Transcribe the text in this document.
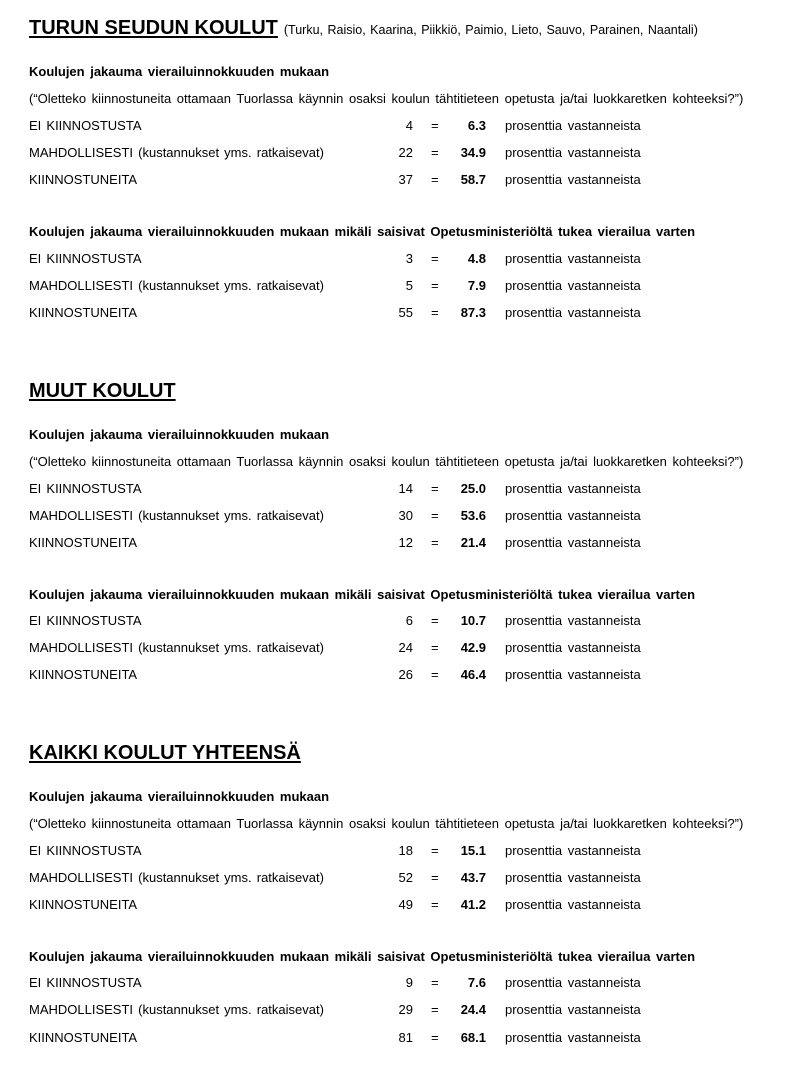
TURUN SEUDUN KOULUT (Turku, Raisio, Kaarina, Piikkiö, Paimio, Lieto, Sauvo, Parainen, Naantali)
Koulujen jakauma vierailuinnokkuuden mukaan
(“Oletteko kiinnostuneita ottamaan Tuorlassa käynnin osaksi koulun tähtitieteen opetusta ja/tai luokkaretken kohteeksi?”)
EI KIINNOSTUSTA	4 =	6.3 prosenttia vastanneista
MAHDOLLISESTI (kustannukset yms. ratkaisevat)	22 =	34.9 prosenttia vastanneista
KIINNOSTUNEITA	37 =	58.7 prosenttia vastanneista
Koulujen jakauma vierailuinnokkuuden mukaan mikäli saisivat Opetusministeriöltä tukea vierailua varten
EI KIINNOSTUSTA	3 =	4.8 prosenttia vastanneista
MAHDOLLISESTI (kustannukset yms. ratkaisevat)	5 =	7.9 prosenttia vastanneista
KIINNOSTUNEITA	55 =	87.3 prosenttia vastanneista
MUUT KOULUT
Koulujen jakauma vierailuinnokkuuden mukaan
(“Oletteko kiinnostuneita ottamaan Tuorlassa käynnin osaksi koulun tähtitieteen opetusta ja/tai luokkaretken kohteeksi?”)
EI KIINNOSTUSTA	14 =	25.0 prosenttia vastanneista
MAHDOLLISESTI (kustannukset yms. ratkaisevat)	30 =	53.6 prosenttia vastanneista
KIINNOSTUNEITA	12 =	21.4 prosenttia vastanneista
Koulujen jakauma vierailuinnokkuuden mukaan mikäli saisivat Opetusministeriöltä tukea vierailua varten
EI KIINNOSTUSTA	6 =	10.7 prosenttia vastanneista
MAHDOLLISESTI (kustannukset yms. ratkaisevat)	24 =	42.9 prosenttia vastanneista
KIINNOSTUNEITA	26 =	46.4 prosenttia vastanneista
KAIKKI KOULUT YHTEENSÄ
Koulujen jakauma vierailuinnokkuuden mukaan
(“Oletteko kiinnostuneita ottamaan Tuorlassa käynnin osaksi koulun tähtitieteen opetusta ja/tai luokkaretken kohteeksi?”)
EI KIINNOSTUSTA	18 =	15.1 prosenttia vastanneista
MAHDOLLISESTI (kustannukset yms. ratkaisevat)	52 =	43.7 prosenttia vastanneista
KIINNOSTUNEITA	49 =	41.2 prosenttia vastanneista
Koulujen jakauma vierailuinnokkuuden mukaan mikäli saisivat Opetusministeriöltä tukea vierailua varten
EI KIINNOSTUSTA	9 =	7.6 prosenttia vastanneista
MAHDOLLISESTI (kustannukset yms. ratkaisevat)	29 =	24.4 prosenttia vastanneista
KIINNOSTUNEITA	81 =	68.1 prosenttia vastanneista
